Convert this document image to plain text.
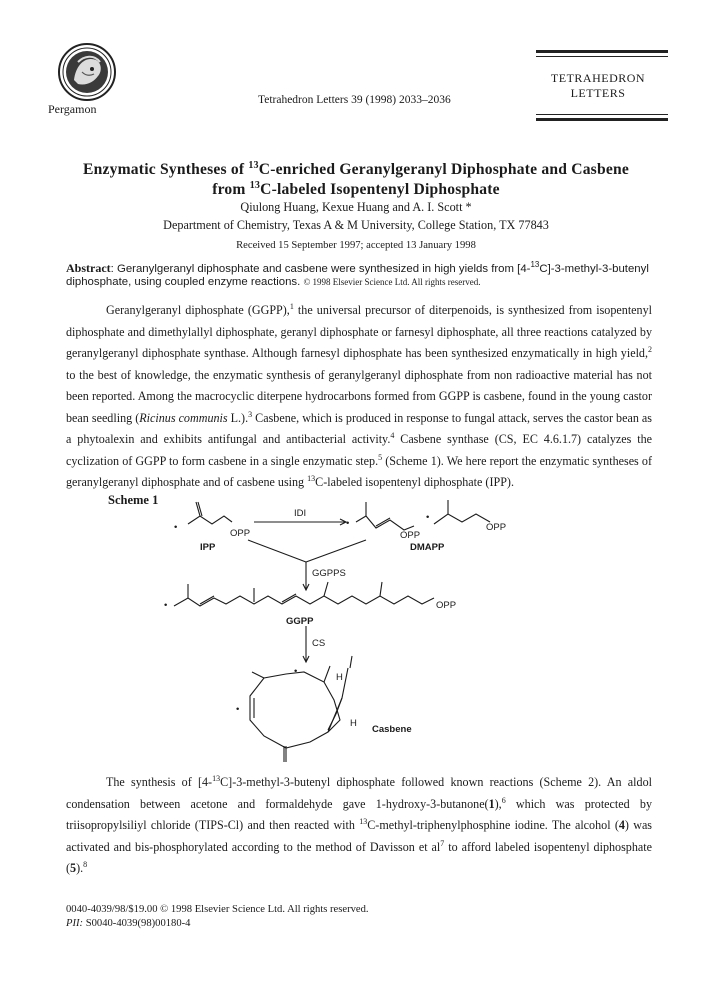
Pergamon
Tetrahedron Letters 39 (1998) 2033–2036
TETRAHEDRON
LETTERS
Enzymatic Syntheses of $^{13}$C-enriched Geranylgeranyl Diphosphate and Casbene
from $^{13}$C-labeled Isopentenyl Diphosphate
Qiulong Huang, Kexue Huang and A. I. Scott *
Department of Chemistry, Texas A & M University, College Station, TX 77843
Received 15 September 1997; accepted 13 January 1998
Abstract: Geranylgeranyl diphosphate and casbene were synthesized in high yields from [4-$^{13}$C]-3-methyl-3-butenyl diphosphate, using coupled enzyme reactions. © 1998 Elsevier Science Ltd. All rights reserved.
Geranylgeranyl diphosphate (GGPP),$^1$ the universal precursor of diterpenoids, is synthesized from isopentenyl diphosphate and dimethylallyl diphosphate, geranyl diphosphate or farnesyl diphosphate, all three reactions catalyzed by geranylgeranyl diphosphate synthase. Although farnesyl diphosphate has been synthesized enzymatically in high yield,$^2$ to the best of knowledge, the enzymatic synthesis of geranylgeranyl diphosphate from non radioactive material has not been reported. Among the macrocyclic diterpene hydrocarbons formed from GGPP is casbene, found in the young castor bean seedling (Ricinus communis L.).$^3$ Casbene, which is produced in response to fungal attack, serves the castor bean as a phytoalexin and exhibits antifungal and antibacterial activity.$^4$ Casbene synthase (CS, EC 4.6.1.7) catalyzes the cyclization of GGPP to form casbene in a single enzymatic step.$^5$ (Scheme 1). We here report the enzymatic syntheses of geranylgeranyl diphosphate and of casbene using $^{13}$C-labeled isopentenyl diphosphate (IPP).
Scheme 1
OPP
IPP
•
IDI
•
OPP
DMAPP
•
OPP
GGPPS
•	OPP
GGPP
CS
•
H
H
•
Casbene
The synthesis of [4-$^{13}$C]-3-methyl-3-butenyl diphosphate followed known reactions (Scheme 2). An aldol condensation between acetone and formaldehyde gave 1-hydroxy-3-butanone(1),$^6$ which was protected by triisopropylsiliyl chloride (TIPS-Cl) and then reacted with $^{13}$C-methyl-triphenylphosphine iodine. The alcohol (4) was activated and bis-phosphorylated according to the method of Davisson et $al^7$ to afford labeled isopentenyl diphosphate (5).$^8$
0040-4039/98/$19.00 © 1998 Elsevier Science Ltd. All rights reserved.
PII: S0040-4039(98)00180-4
